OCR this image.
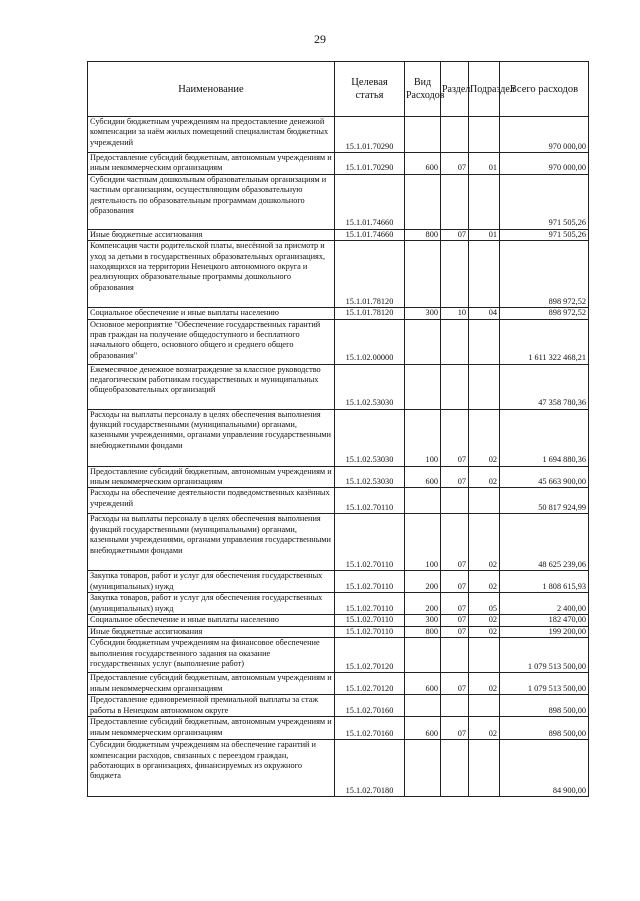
29
Наименование	Целевая статья	Вид Расходов	Раздел	Подраздел	Всего расходов
Субсидии бюджетным учреждениям на предоставление денежной компенсации за наём жилых помещений специалистам бюджетных учреждений	15.1.01.70290				970 000,00
Предоставление субсидий бюджетным, автономным учреждениям и иным некоммерческим организациям	15.1.01.70290	600	07	01	970 000,00
Субсидии частным дошкольным образовательным организациям и частным организациям, осуществляющим образовательную деятельность по образовательным программам дошкольного образования	15.1.01.74660				971 505,26
Иные бюджетные ассигнования	15.1.01.74660	800	07	01	971 505,26
Компенсация части родительской платы, внесённой за присмотр и уход за детьми в государственных образовательных организациях, находящихся на территории Ненецкого автономного округа и реализующих образовательные программы дошкольного образования	15.1.01.78120				898 972,52
Социальное обеспечение и иные выплаты населению	15.1.01.78120	300	10	04	898 972,52
Основное мероприятие "Обеспечение государственных гарантий прав граждан на получение общедоступного и бесплатного начального общего, основного общего и среднего общего образования"	15.1.02.00000				1 611 322 468,21
Ежемесячное денежное вознаграждение за классное руководство педагогическим работникам государственных и муниципальных общеобразовательных организаций	15.1.02.53030				47 358 780,36
Расходы на выплаты персоналу в целях обеспечения выполнения функций государственными (муниципальными) органами, казенными учреждениями, органами управления государственными внебюджетными фондами	15.1.02.53030	100	07	02	1 694 880,36
Предоставление субсидий бюджетным, автономным учреждениям и иным некоммерческим организациям	15.1.02.53030	600	07	02	45 663 900,00
Расходы на обеспечение деятельности подведомственных казённых учреждений	15.1.02.70110				50 817 924,99
Расходы на выплаты персоналу в целях обеспечения выполнения функций государственными (муниципальными) органами, казенными учреждениями, органами управления государственными внебюджетными фондами	15.1.02.70110	100	07	02	48 625 239,06
Закупка товаров, работ и услуг для обеспечения государственных (муниципальных) нужд	15.1.02.70110	200	07	02	1 808 615,93
Закупка товаров, работ и услуг для обеспечения государственных (муниципальных) нужд	15.1.02.70110	200	07	05	2 400,00
Социальное обеспечение и иные выплаты населению	15.1.02.70110	300	07	02	182 470,00
Иные бюджетные ассигнования	15.1.02.70110	800	07	02	199 200,00
Субсидии бюджетным учреждениям на финансовое обеспечение выполнения государственного задания на оказание государственных услуг (выполнение работ)	15.1.02.70120				1 079 513 500,00
Предоставление субсидий бюджетным, автономным учреждениям и иным некоммерческим организациям	15.1.02.70120	600	07	02	1 079 513 500,00
Предоставление единовременной премиальной выплаты за стаж работы в Ненецком автономном округе	15.1.02.70160				898 500,00
Предоставление субсидий бюджетным, автономным учреждениям и иным некоммерческим организациям	15.1.02.70160	600	07	02	898 500,00
Субсидии бюджетным учреждениям на обеспечение гарантий и компенсации расходов, связанных с переездом граждан, работающих в организациях, финансируемых из окружного бюджета	15.1.02.70180				84 900,00
